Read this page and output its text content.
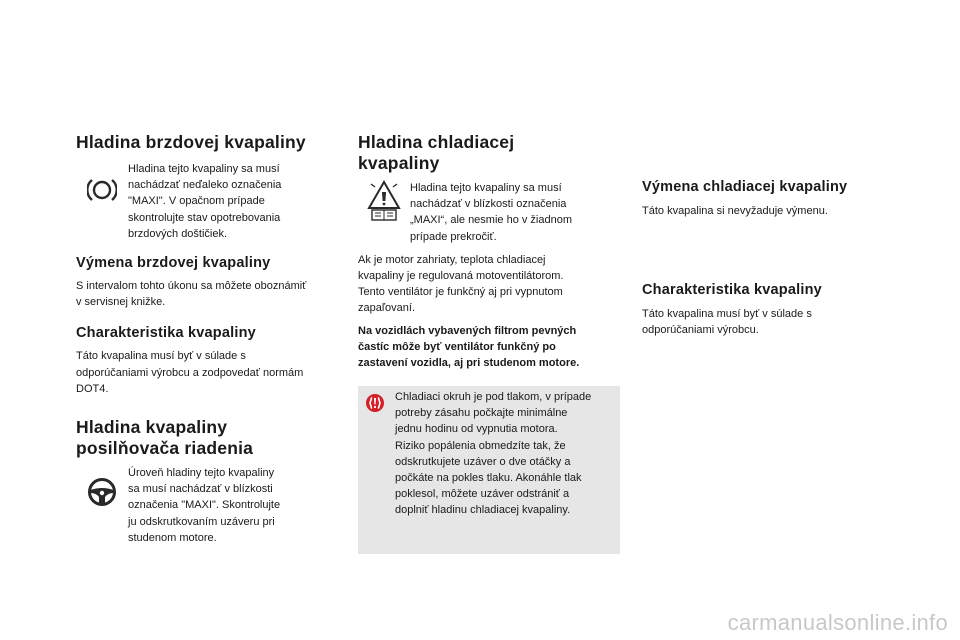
Hladina brzdovej kvapaliny

Hladina tejto kvapaliny sa musí

nachádzať neďaleko označenia

"MAXI". V opačnom prípade

skontrolujte stav opotrebovania

brzdových doštičiek.

Výmena brzdovej kvapaliny

S intervalom tohto úkonu sa môžete oboznámiť

v servisnej knižke.

Charakteristika kvapaliny

Táto kvapalina musí byť v súlade s

odporúčaniami výrobcu a zodpovedať normám

DOT4.

Hladina kvapaliny
posilňovača riadenia

Úroveň hladiny tejto kvapaliny

sa musí nachádzať v blízkosti

označenia "MAXI". Skontrolujte

ju odskrutkovaním uzáveru pri

studenom motore.

Hladina chladiacej
kvapaliny

Hladina tejto kvapaliny sa musí

nachádzať v blízkosti označenia

„MAXI“, ale nesmie ho v žiadnom

prípade prekročiť.

Ak je motor zahriaty, teplota chladiacej

kvapaliny je regulovaná motoventilátorom.

Tento ventilátor je funkčný aj pri vypnutom

zapaľovaní.

Na vozidlách vybavených filtrom pevných

častíc môže byť ventilátor funkčný po

zastavení vozidla, aj pri studenom motore.

Chladiaci okruh je pod tlakom, v prípade

potreby zásahu počkajte minimálne

jednu hodinu od vypnutia motora.

Riziko popálenia obmedzíte tak, že

odskrutkujete uzáver o dve otáčky a

počkáte na pokles tlaku. Akonáhle tlak

poklesol, môžete uzáver odstrániť a

doplniť hladinu chladiacej kvapaliny.

Výmena chladiacej kvapaliny

Táto kvapalina si nevyžaduje výmenu.

Charakteristika kvapaliny

Táto kvapalina musí byť v súlade s

odporúčaniami výrobcu.

carmanualsonline.info
